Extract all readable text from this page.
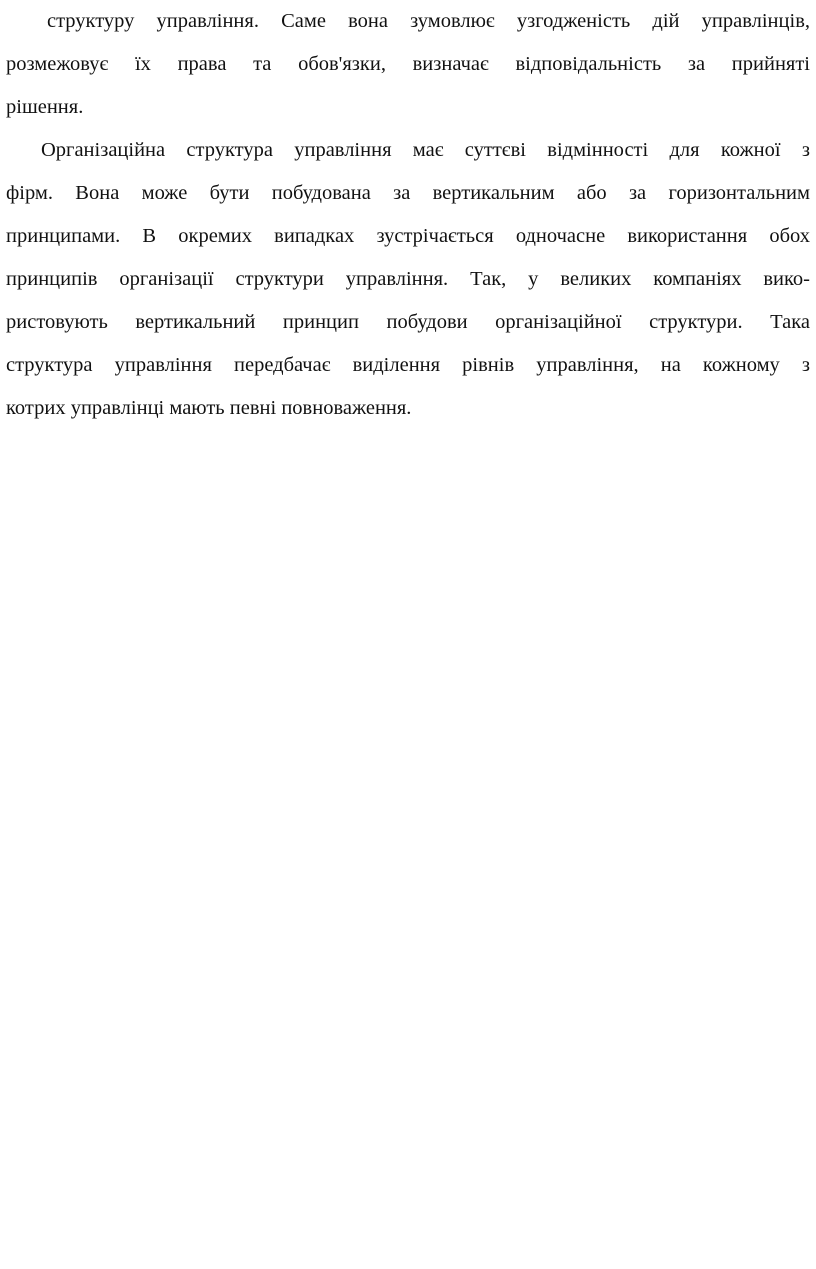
структуру управління. Саме вона зумовлює узгодженість дій управлінців,
розмежовує їх права та обов'язки, визначає відповідальність за прийняті
рішення.
Організаційна структура управління має суттєві відмінності для кожної з
фірм. Вона може бути побудована за вертикальним або за горизонтальним
принципами. В окремих випадках зустрічається одночасне використання обох
принципів організації структури управління. Так, у великих компаніях вико-
ристовують вертикальний принцип побудови організаційної структури. Така
структура управління передбачає виділення рівнів управління, на кожному з
котрих управлінці мають певні повноваження.
